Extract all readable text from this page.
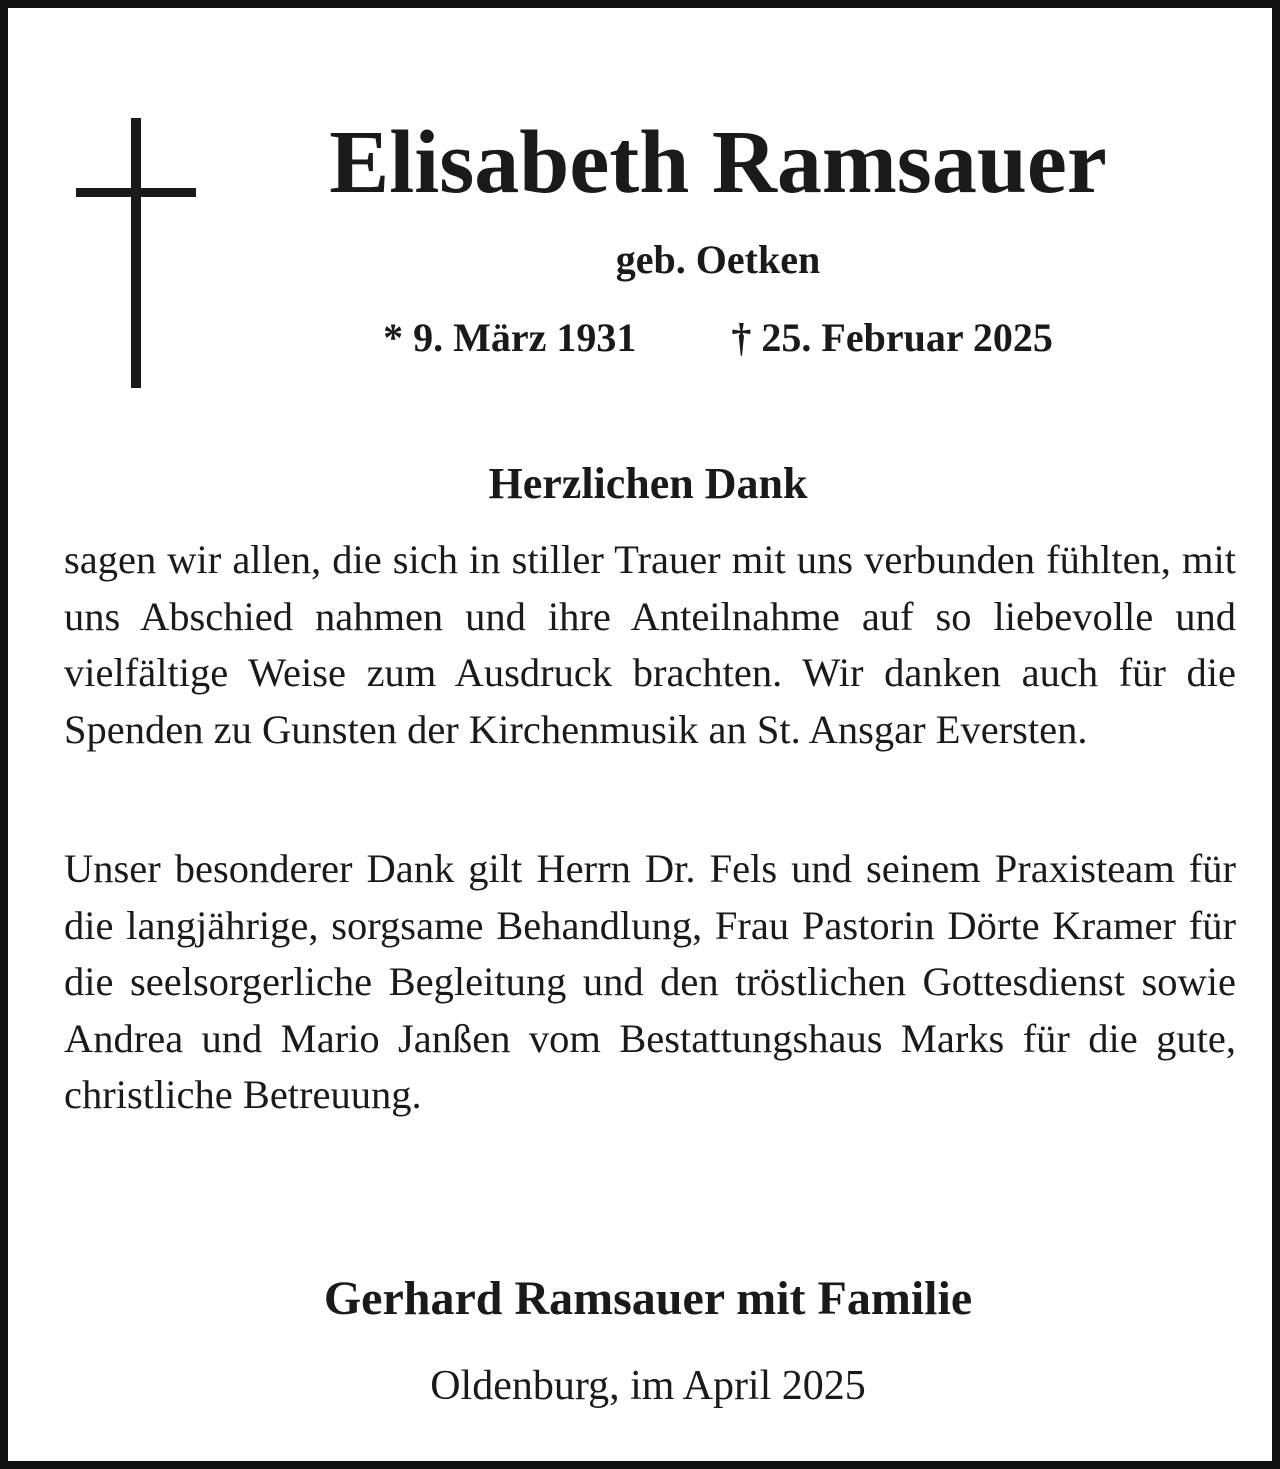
Elisabeth Ramsauer
geb. Oetken
* 9. März 1931 † 25. Februar 2025
Herzlichen Dank

sagen wir allen, die sich in stiller Trauer mit uns verbunden fühlten, mit uns Abschied nahmen und ihre Anteilnahme auf so liebevolle und vielfältige Weise zum Ausdruck brachten. Wir danken auch für die Spenden zu Gunsten der Kirchenmusik an St. Ansgar Eversten.

Unser besonderer Dank gilt Herrn Dr. Fels und seinem Praxisteam für die langjährige, sorgsame Behandlung, Frau Pastorin Dörte Kramer für die seelsorgerliche Begleitung und den tröstlichen Gottesdienst sowie Andrea und Mario Janßen vom Bestattungshaus Marks für die gute, christliche Betreuung.

Gerhard Ramsauer mit Familie
Oldenburg, im April 2025
